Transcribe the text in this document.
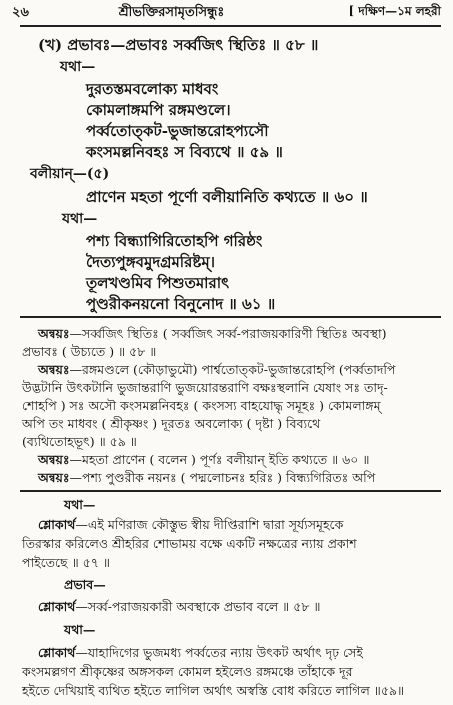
২৬	শ্রীভক্তিরসামৃতসিন্ধুঃ	[ দক্ষিণ—১ম লহরী
(খ) প্রভাবঃ—প্রভাবঃ সর্ব্বজিৎ স্থিতিঃ ॥ ৫৮ ॥
যথা—
দুরতস্তমবলোক্য মাধবং
কোমলাঙ্গমপি রঙ্গমণ্ডলে।
পর্ব্বতোত্কট-ভুজান্তরোহপ্যসৌ
কংসমল্লনিবহঃ স বিব্যথে ॥ ৫৯ ॥
বলীয়ান্—(৫)
প্রাণেন মহতা পূর্ণো বলীয়ানিতি কথ্যতে ॥ ৬০ ॥
যথা—
পশ্য বিন্ধ্যাগিরিতোহপি গরিষ্ঠং
দৈত্যপুঙ্গবমুদগ্রমরিষ্টম্।
তূলখণ্ডমিব পিশুতমারাৎ
পুণ্ডরীকনয়নো বিনুনোদ ॥ ৬১ ॥
অন্বয়ঃ—সর্ব্বজিৎ স্থিতিঃ ( সর্ব্বজিৎ সর্ব্ব-পরাজয়কারিণী স্থিতিঃ অবস্থা)
প্রভাবঃ ( উচ্যতে ) ॥ ৫৮ ॥
অন্বয়ঃ—রঙ্গমণ্ডলে (কৌড়াভুমৌ) পার্শ্বতোত্কট-ভুজান্তরোহপি (পর্ব্বতাদপি
উদ্ভটানি উৎকটানি ভুজান্তরাণি ভুজয়োরন্তরাণি বক্ষঃস্থলানি যেষাং সঃ তাদৃ-
শোহপি ) সঃ অসৌ কংসমল্লনিবহঃ ( কংসস্য বাহযোদ্ধৃ সমূহঃ ) কোমলাঙ্গম্
অপি তং মাধবং ( শ্রীকৃষ্ণং ) দূরতঃ অবলোক্য ( দৃষ্টা ) বিব্যথে
(ব্যথিতোহভূৎ) ॥ ৫৯ ॥
অন্বয়ঃ—মহতা প্রাণেন ( বলেন ) পূর্ণঃ বলীয়ান্ ইতি কথ্যতে ॥ ৬০ ॥
অন্বয়ঃ—পশ্য পুণ্ডরীক নয়নঃ ( পদ্মলোচনঃ হরিঃ ) বিন্ধ্যগিরিতঃ অপি
যথা—
শ্লোকার্থ—এই মণিরাজ কৌস্তুভ স্বীয় দীপ্তিরাশি দ্বারা সূর্য্যসমূহকে
তিরস্কার করিলেও শ্রীহরির শোভাময় বক্ষে একটি নক্ষত্রের ন্যায় প্রকাশ
পাইতেছে ॥ ৫৭ ॥
প্রভাব—
শ্লোকার্থ—সর্ব্ব-পরাজয়কারী অবস্থাকে প্রভাব বলে ॥ ৫৮ ॥
যথা—
শ্লোকার্থ—যাহাদিগের ভুজমধ্য পর্ব্বতের ন্যায় উৎকট অর্থাৎ দৃঢ় সেই
কংসমল্লগণ শ্রীকৃষ্ণের অঙ্গসকল কোমল হইলেও রঙ্গমঞ্চে তাঁহাকে দূর
হইতে দেখিয়াই ব্যথিত হইতে লাগিল অর্থাৎ অস্বস্তি বোধ করিতে লাগিল ॥৫৯॥
